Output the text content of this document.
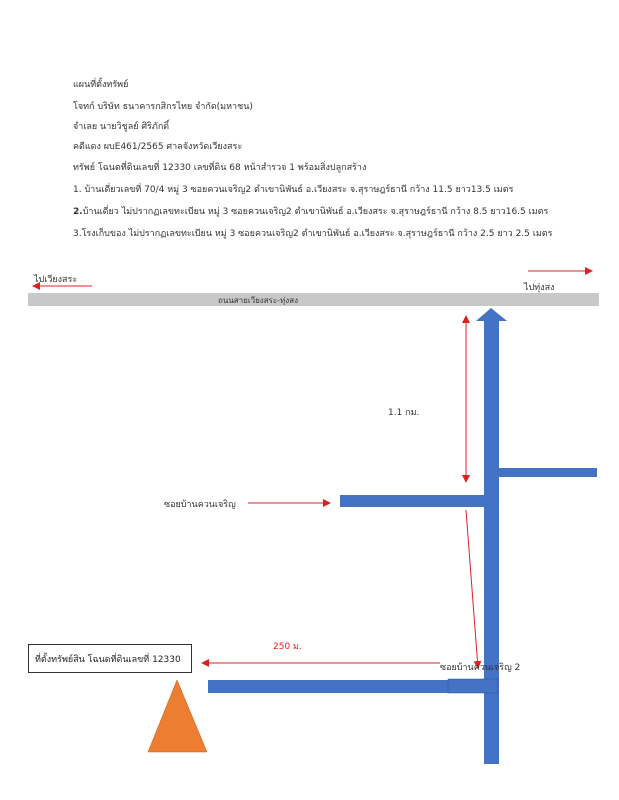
แผนที่ตั้งทรัพย์
โจทก์ บริษัท ธนาคารกสิกรไทย จำกัด(มหาชน)
จำเลย นายวิชูลย์ ศิริภักดิ์
คดีแดง ผบE461/2565 ศาลจังหวัดเวียงสระ
ทรัพย์ โฉนดที่ดินเลขที่ 12330 เลขที่ดิน 68 หน้าสำรวจ 1 พร้อมสิ่งปลูกสร้าง
1. บ้านเดี่ยวเลขที่ 70/4 หมู่ 3 ซอยควนเจริญ2 ตำเขานิพันธ์ อ.เวียงสระ จ.สุราษฎร์ธานี กว้าง 11.5 ยาว13.5 เมตร
2.บ้านเดี่ยว ไม่ปรากฏเลขทะเบียน หมู่ 3 ซอยควนเจริญ2 ตำเขานิพันธ์ อ.เวียงสระ จ.สุราษฎร์ธานี กว้าง 8.5 ยาว16.5 เมตร
3.โรงเก็บของ ไม่ปรากฏเลขทะเบียน หมู่ 3 ซอยควนเจริญ2 ตำเขานิพันธ์ อ.เวียงสระ จ.สุราษฎร์ธานี กว้าง 2.5 ยาว 2.5 เมตร
ไปเวียงสระ
ไปทุ่งสง
ถนนสายเวียงสระ-ทุ่งสง
1.1 กม.
ซอยบ้านควนเจริญ
250 ม.
ซอยบ้านควนเจริญ 2
ที่ตั้งทรัพย์สิน โฉนดที่ดินเลขที่ 12330
